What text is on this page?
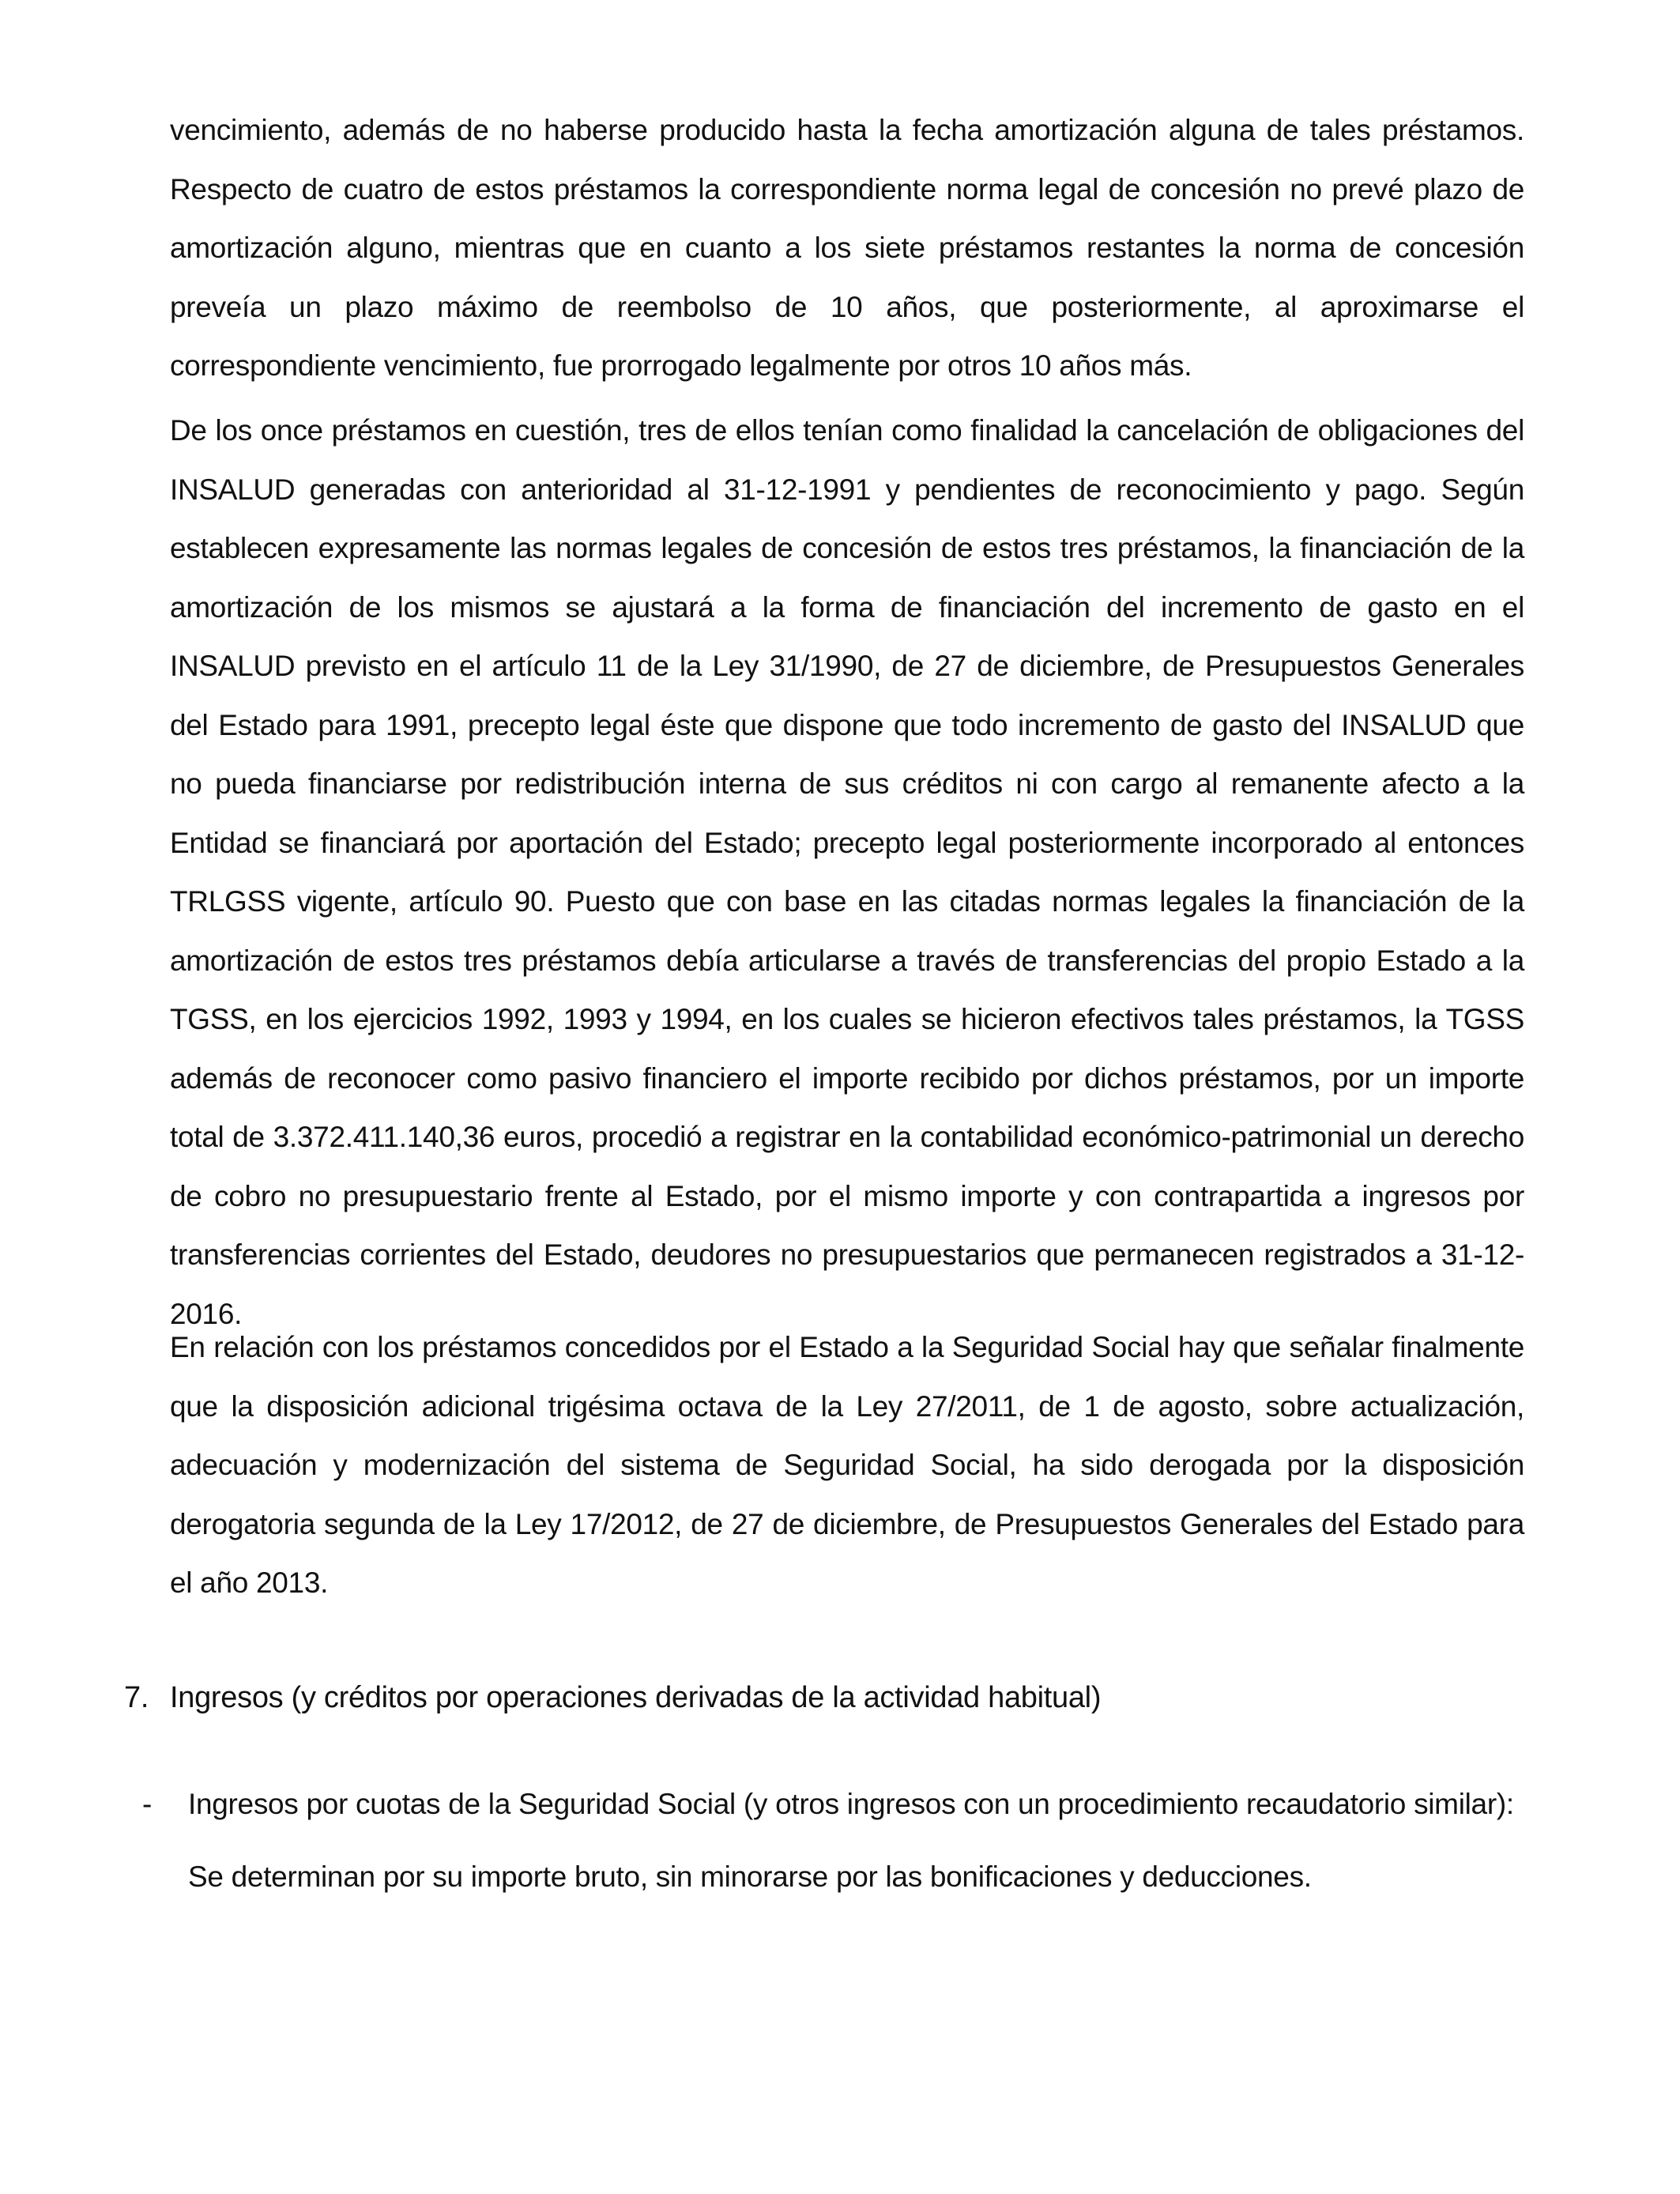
vencimiento, además de no haberse producido hasta la fecha amortización alguna de tales préstamos. Respecto de cuatro de estos préstamos la correspondiente norma legal de concesión no prevé plazo de amortización alguno, mientras que en cuanto a los siete préstamos restantes la norma de concesión preveía un plazo máximo de reembolso de 10 años, que posteriormente, al aproximarse el correspondiente vencimiento, fue prorrogado legalmente por otros 10 años más.

De los once préstamos en cuestión, tres de ellos tenían como finalidad la cancelación de obligaciones del INSALUD generadas con anterioridad al 31-12-1991 y pendientes de reconocimiento y pago. Según establecen expresamente las normas legales de concesión de estos tres préstamos, la financiación de la amortización de los mismos se ajustará a la forma de financiación del incremento de gasto en el INSALUD previsto en el artículo 11 de la Ley 31/1990, de 27 de diciembre, de Presupuestos Generales del Estado para 1991, precepto legal éste que dispone que todo incremento de gasto del INSALUD que no pueda financiarse por redistribución interna de sus créditos ni con cargo al remanente afecto a la Entidad se financiará por aportación del Estado; precepto legal posteriormente incorporado al entonces TRLGSS vigente, artículo 90. Puesto que con base en las citadas normas legales la financiación de la amortización de estos tres préstamos debía articularse a través de transferencias del propio Estado a la TGSS, en los ejercicios 1992, 1993 y 1994, en los cuales se hicieron efectivos tales préstamos, la TGSS además de reconocer como pasivo financiero el importe recibido por dichos préstamos, por un importe total de 3.372.411.140,36 euros, procedió a registrar en la contabilidad económico-patrimonial un derecho de cobro no presupuestario frente al Estado, por el mismo importe y con contrapartida a ingresos por transferencias corrientes del Estado, deudores no presupuestarios que permanecen registrados a 31-12-2016.

En relación con los préstamos concedidos por el Estado a la Seguridad Social hay que señalar finalmente que la disposición adicional trigésima octava de la Ley 27/2011, de 1 de agosto, sobre actualización, adecuación y modernización del sistema de Seguridad Social, ha sido derogada por la disposición derogatoria segunda de la Ley 17/2012, de 27 de diciembre, de Presupuestos Generales del Estado para el año 2013.

7. Ingresos (y créditos por operaciones derivadas de la actividad habitual)
- Ingresos por cuotas de la Seguridad Social (y otros ingresos con un procedimiento recaudatorio similar):
Se determinan por su importe bruto, sin minorarse por las bonificaciones y deducciones.
